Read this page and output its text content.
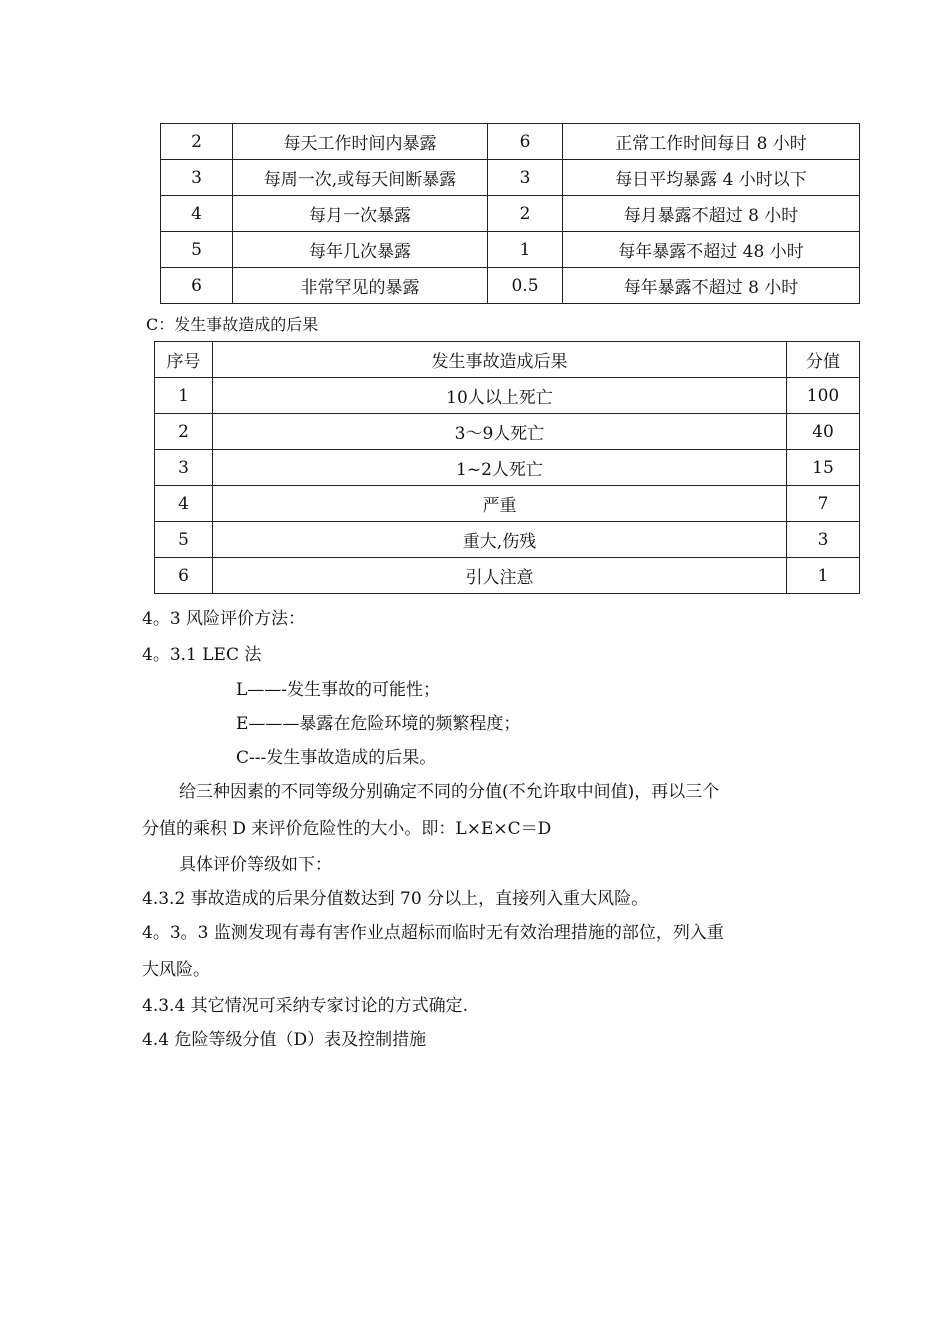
2	每天工作时间内暴露	6	正常工作时间每日 8 小时
3	每周一次,或每天间断暴露	3	每日平均暴露 4 小时以下
4	每月一次暴露	2	每月暴露不超过 8 小时
5	每年几次暴露	1	每年暴露不超过 48 小时
6	非常罕见的暴露	0.5	每年暴露不超过 8 小时
C：发生事故造成的后果
序号	发生事故造成后果	分值
1	10人以上死亡	100
2	3～9人死亡	40
3	1~2人死亡	15
4	严重	7
5	重大,伤残	3
6	引人注意	1
4。3 风险评价方法：
4。3.1 LEC 法
L——-发生事故的可能性；
E———暴露在危险环境的频繁程度；
C---发生事故造成的后果。
给三种因素的不同等级分别确定不同的分值(不允许取中间值)，再以三个
分值的乘积 D 来评价危险性的大小。即：L×E×C＝D
具体评价等级如下：
4.3.2 事故造成的后果分值数达到 70 分以上，直接列入重大风险。
4。3。3 监测发现有毒有害作业点超标而临时无有效治理措施的部位，列入重
大风险。
4.3.4 其它情况可采纳专家讨论的方式确定.
4.4 危险等级分值（D）表及控制措施
